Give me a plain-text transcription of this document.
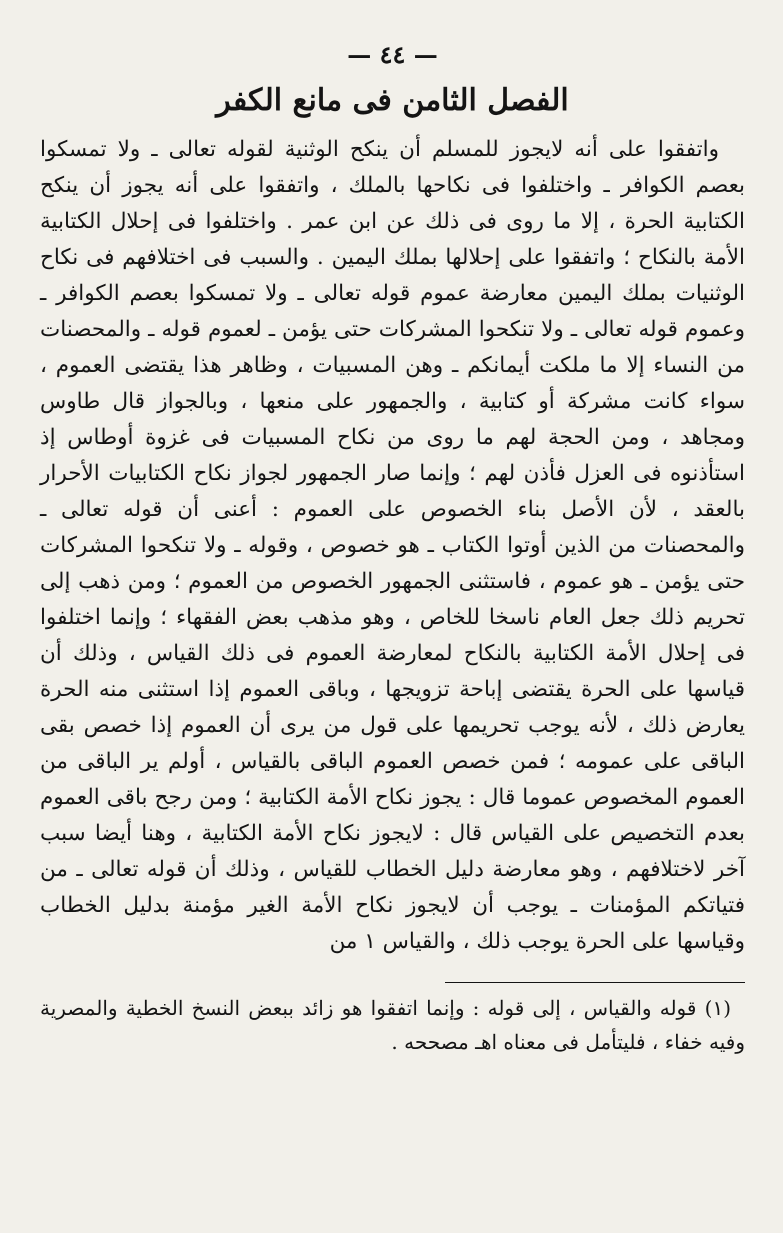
— ٤٤ —
الفصل الثامن فى مانع الكفر

واتفقوا على أنه لايجوز للمسلم أن ينكح الوثنية لقوله تعالى ـ ولا تمسكوا بعصم الكوافر ـ واختلفوا فى نكاحها بالملك ، واتفقوا على أنه يجوز أن ينكح الكتابية الحرة ، إلا ما روى فى ذلك عن ابن عمر . واختلفوا فى إحلال الكتابية الأمة بالنكاح ؛ واتفقوا على إحلالها بملك اليمين . والسبب فى اختلافهم فى نكاح الوثنيات بملك اليمين معارضة عموم قوله تعالى ـ ولا تمسكوا بعصم الكوافر ـ وعموم قوله تعالى ـ ولا تنكحوا المشركات حتى يؤمن ـ لعموم قوله ـ والمحصنات من النساء إلا ما ملكت أيمانكم ـ وهن المسبيات ، وظاهر هذا يقتضى العموم ، سواء كانت مشركة أو كتابية ، والجمهور على منعها ، وبالجواز قال طاوس ومجاهد ، ومن الحجة لهم ما روى من نكاح المسبيات فى غزوة أوطاس إذ استأذنوه فى العزل فأذن لهم ؛ وإنما صار الجمهور لجواز نكاح الكتابيات الأحرار بالعقد ، لأن الأصل بناء الخصوص على العموم : أعنى أن قوله تعالى ـ والمحصنات من الذين أوتوا الكتاب ـ هو خصوص ، وقوله ـ ولا تنكحوا المشركات حتى يؤمن ـ هو عموم ، فاستثنى الجمهور الخصوص من العموم ؛ ومن ذهب إلى تحريم ذلك جعل العام ناسخا للخاص ، وهو مذهب بعض الفقهاء ؛ وإنما اختلفوا فى إحلال الأمة الكتابية بالنكاح لمعارضة العموم فى ذلك القياس ، وذلك أن قياسها على الحرة يقتضى إباحة تزويجها ، وباقى العموم إذا استثنى منه الحرة يعارض ذلك ، لأنه يوجب تحريمها على قول من يرى أن العموم إذا خصص بقى الباقى على عمومه ؛ فمن خصص العموم الباقى بالقياس ، أولم ير الباقى من العموم المخصوص عموما قال : يجوز نكاح الأمة الكتابية ؛ ومن رجح باقى العموم بعدم التخصيص على القياس قال : لايجوز نكاح الأمة الكتابية ، وهنا أيضا سبب آخر لاختلافهم ، وهو معارضة دليل الخطاب للقياس ، وذلك أن قوله تعالى ـ من فتياتكم المؤمنات ـ يوجب أن لايجوز نكاح الأمة الغير مؤمنة بدليل الخطاب وقياسها على الحرة يوجب ذلك ، والقياس ١ من

(١) قوله والقياس ، إلى قوله : وإنما اتفقوا هو زائد ببعض النسخ الخطية والمصرية وفيه خفاء ، فليتأمل فى معناه اهـ مصححه .
